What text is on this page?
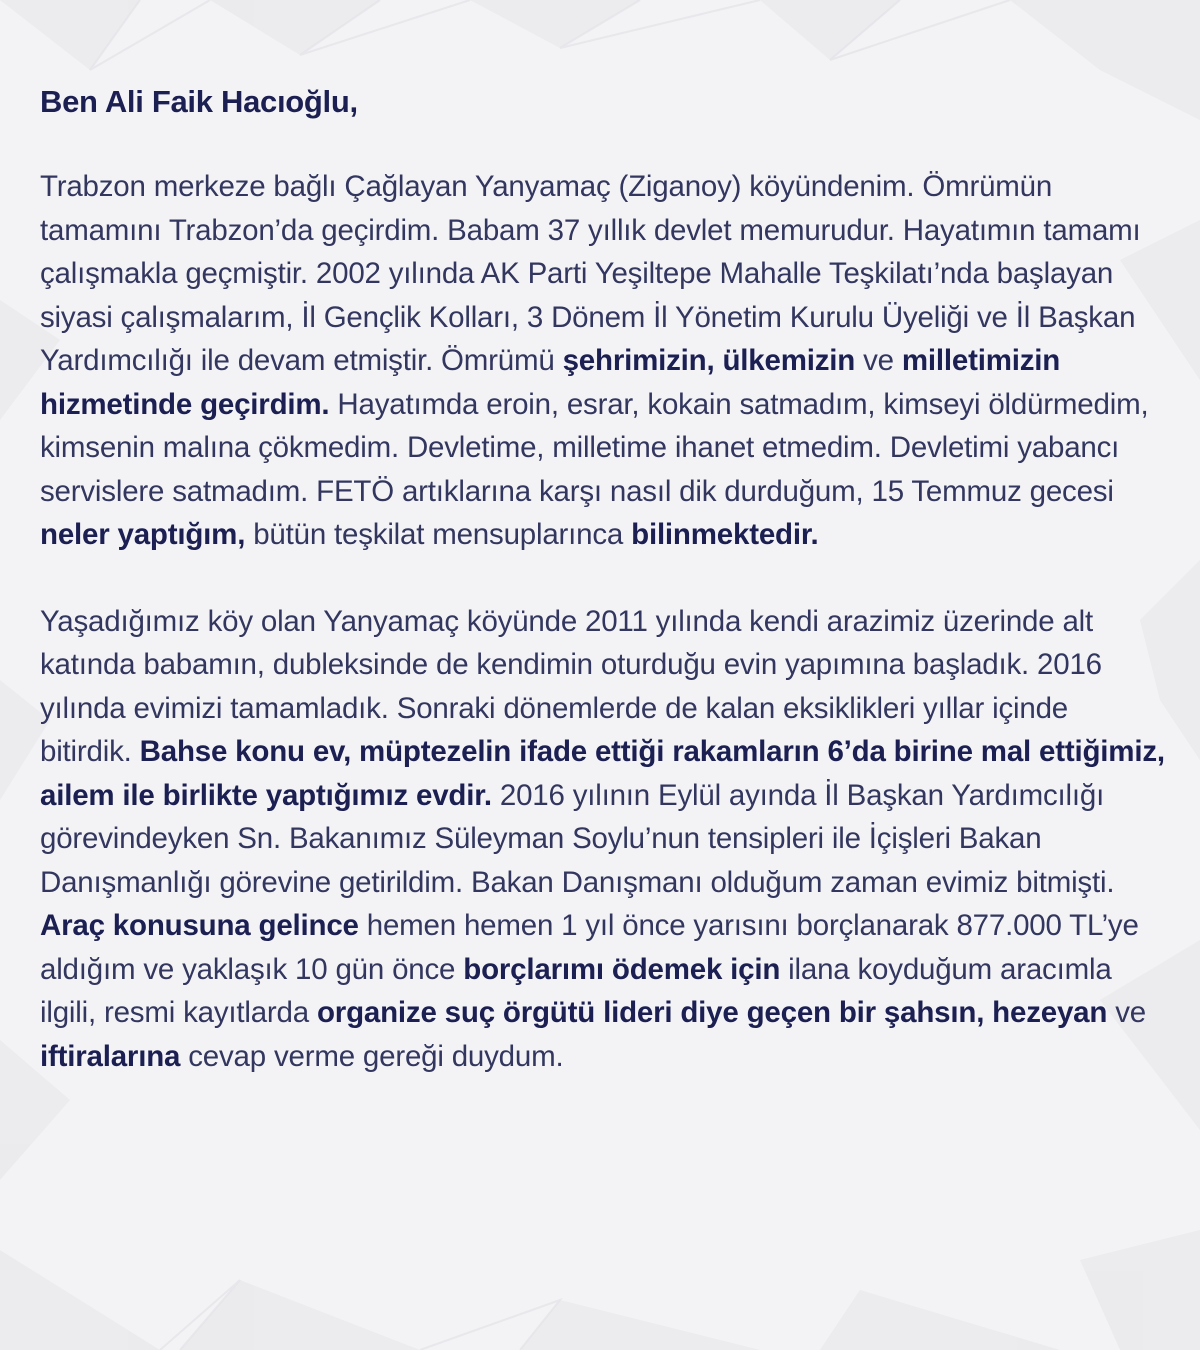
Ben Ali Faik Hacıoğlu,

Trabzon merkeze bağlı Çağlayan Yanyamaç (Ziganoy) köyündenim. Ömrümün tamamını Trabzon’da geçirdim. Babam 37 yıllık devlet memurudur. Hayatımın tamamı çalışmakla geçmiştir. 2002 yılında AK Parti Yeşiltepe Mahalle Teşkilatı’nda başlayan siyasi çalışmalarım, İl Gençlik Kolları, 3 Dönem İl Yönetim Kurulu Üyeliği ve İl Başkan Yardımcılığı ile devam etmiştir. Ömrümü şehrimizin, ülkemizin ve milletimizin hizmetinde geçirdim. Hayatımda eroin, esrar, kokain satmadım, kimseyi öldürmedim, kimsenin malına çökmedim. Devletime, milletime ihanet etmedim. Devletimi yabancı servislere satmadım. FETÖ artıklarına karşı nasıl dik durduğum, 15 Temmuz gecesi neler yaptığım, bütün teşkilat mensuplarınca bilinmektedir.

Yaşadığımız köy olan Yanyamaç köyünde 2011 yılında kendi arazimiz üzerinde alt katında babamın, dubleksinde de kendimin oturduğu evin yapımına başladık. 2016 yılında evimizi tamamladık. Sonraki dönemlerde de kalan eksiklikleri yıllar içinde bitirdik. Bahse konu ev, müptezelin ifade ettiği rakamların 6’da birine mal ettiğimiz, ailem ile birlikte yaptığımız evdir. 2016 yılının Eylül ayında İl Başkan Yardımcılığı görevindeyken Sn. Bakanımız Süleyman Soylu’nun tensipleri ile İçişleri Bakan Danışmanlığı görevine getirildim. Bakan Danışmanı olduğum zaman evimiz bitmişti. Araç konusuna gelince hemen hemen 1 yıl önce yarısını borçlanarak 877.000 TL’ye aldığım ve yaklaşık 10 gün önce borçlarımı ödemek için ilana koyduğum aracımla ilgili, resmi kayıtlarda organize suç örgütü lideri diye geçen bir şahsın, hezeyan ve iftiralarına cevap verme gereği duydum.
